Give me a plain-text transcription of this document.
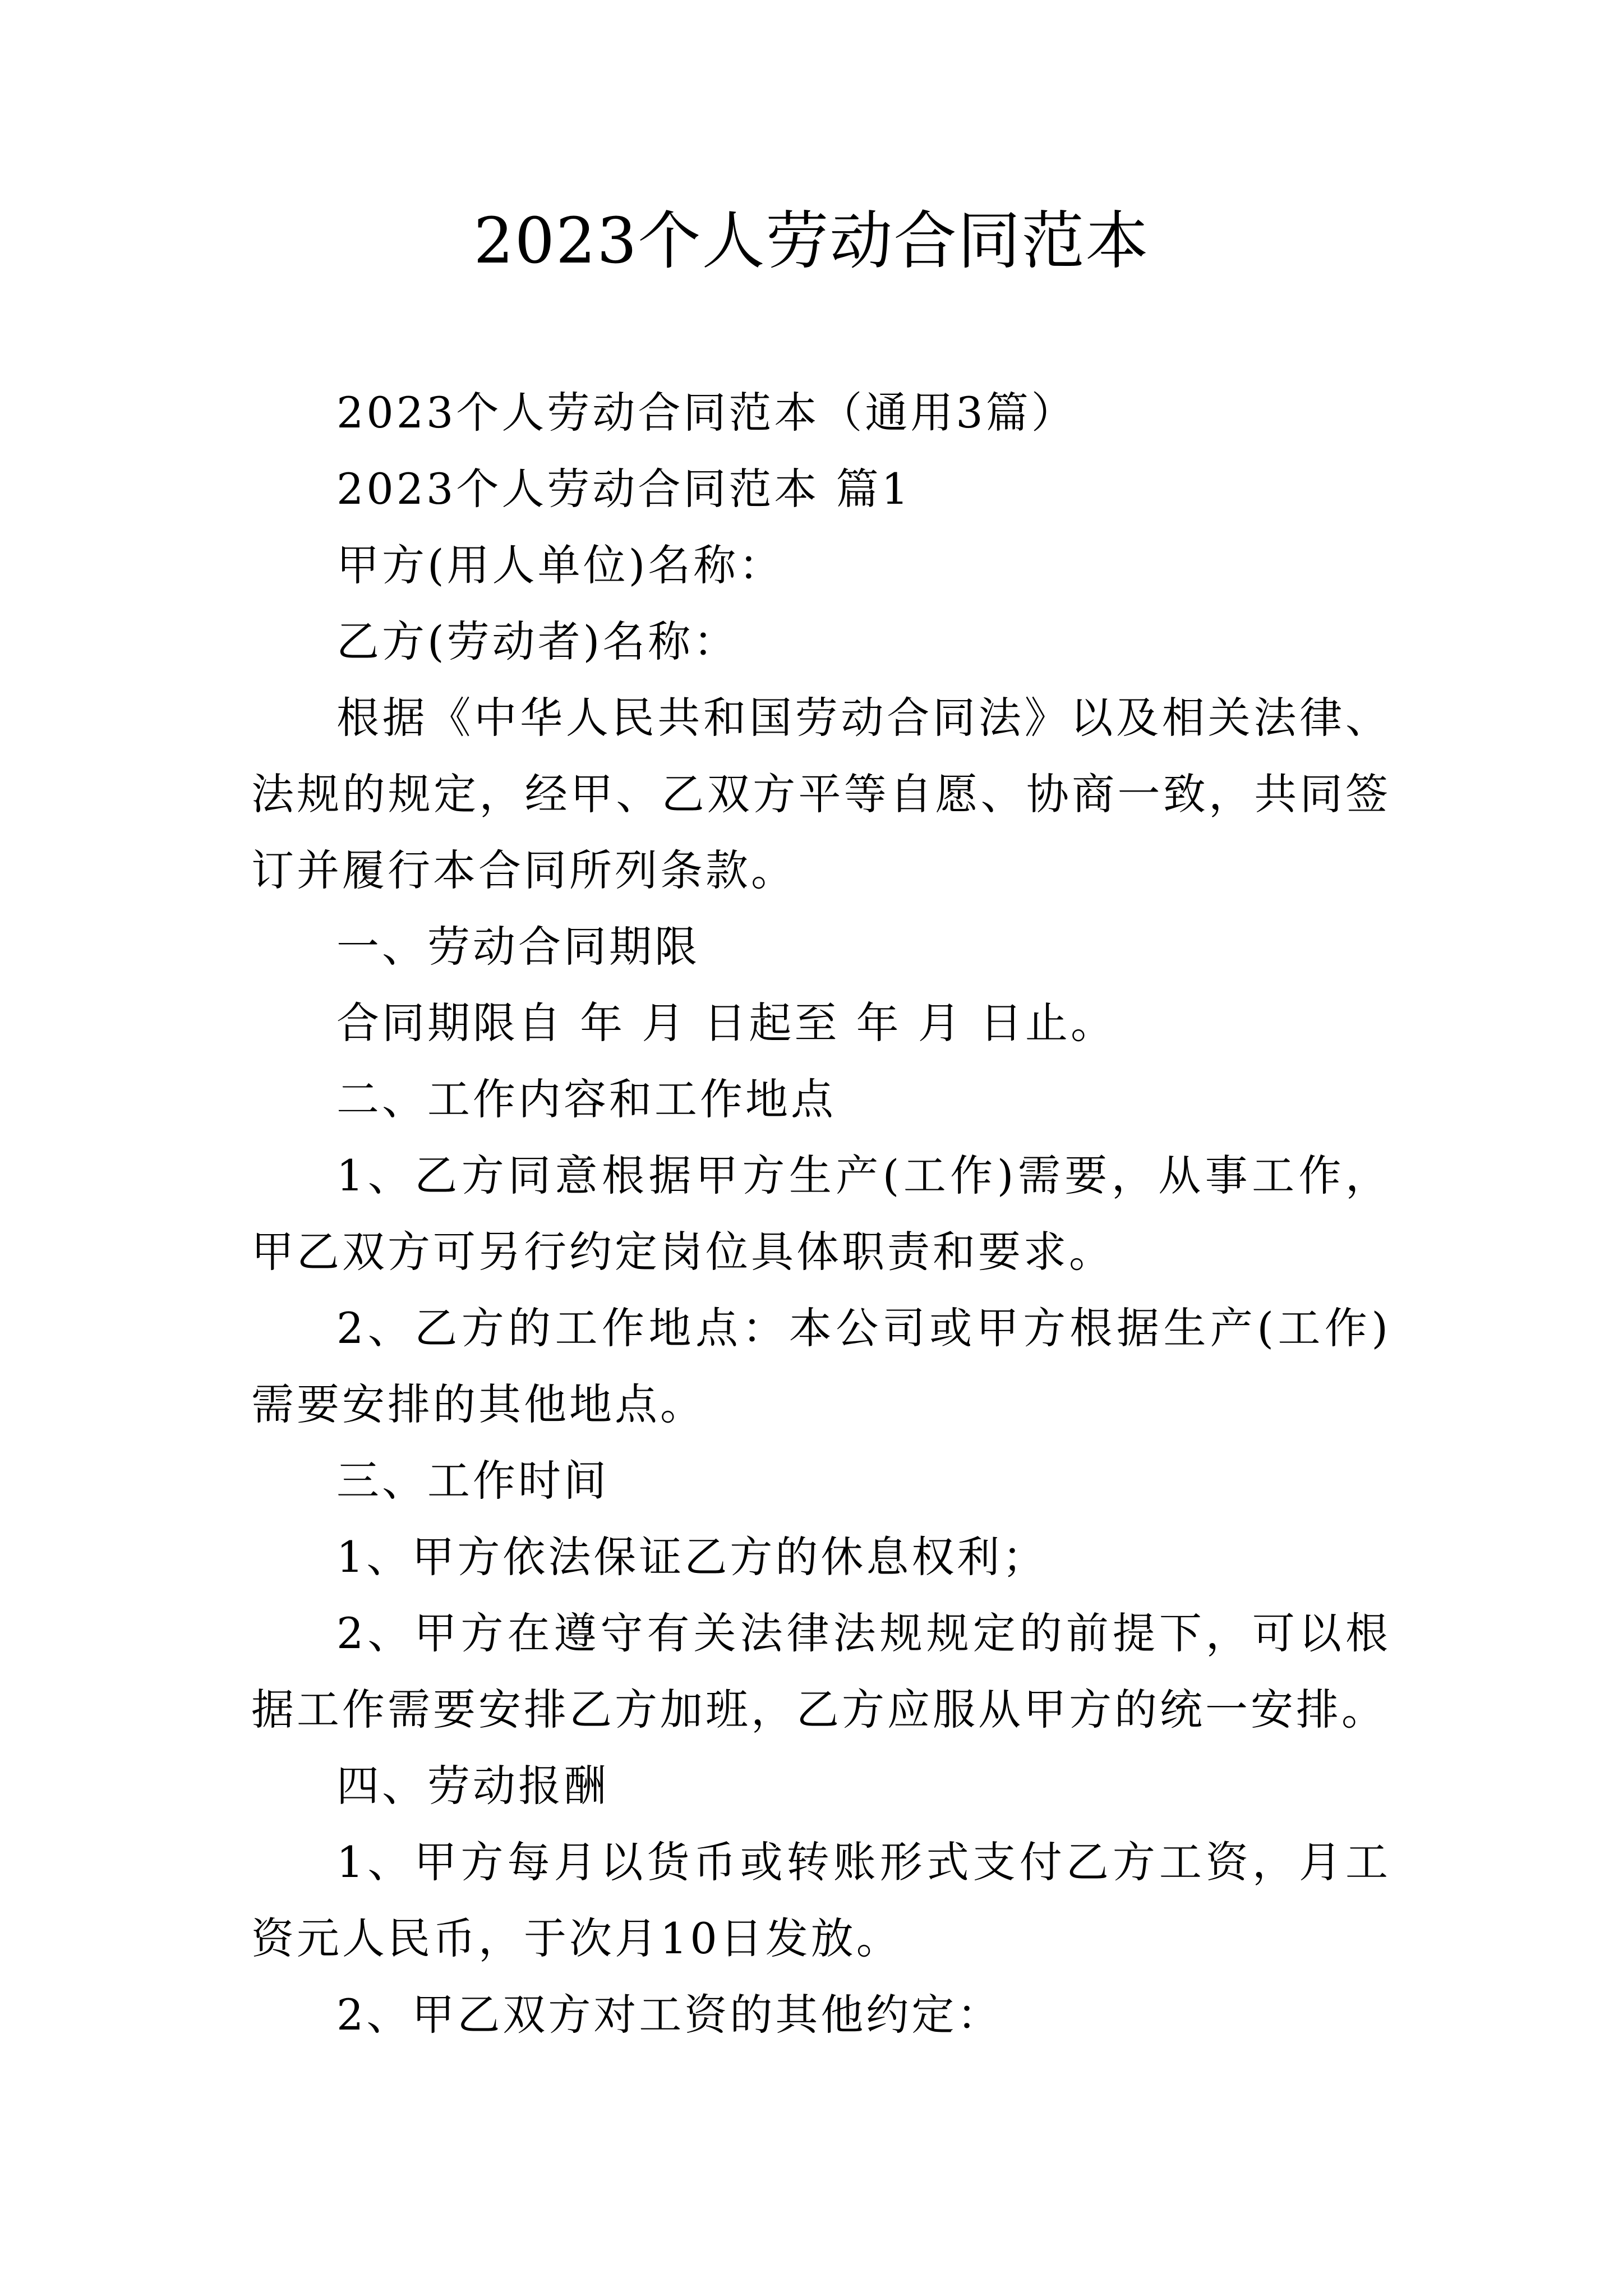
2023个人劳动合同范本

2023个人劳动合同范本（通用3篇）

2023个人劳动合同范本 篇1

甲方(用人单位)名称：

乙方(劳动者)名称：

根据《中华人民共和国劳动合同法》以及相关法律、法规的规定，经甲、乙双方平等自愿、协商一致，共同签订并履行本合同所列条款。

一、劳动合同期限

合同期限自 年 月 日起至 年 月 日止。

二、工作内容和工作地点

1、乙方同意根据甲方生产(工作)需要，从事工作，甲乙双方可另行约定岗位具体职责和要求。

2、乙方的工作地点：本公司或甲方根据生产(工作)需要安排的其他地点。

三、工作时间

1、甲方依法保证乙方的休息权利；

2、甲方在遵守有关法律法规规定的前提下，可以根据工作需要安排乙方加班，乙方应服从甲方的统一安排。

四、劳动报酬

1、甲方每月以货币或转账形式支付乙方工资，月工资元人民币，于次月10日发放。

2、甲乙双方对工资的其他约定：
